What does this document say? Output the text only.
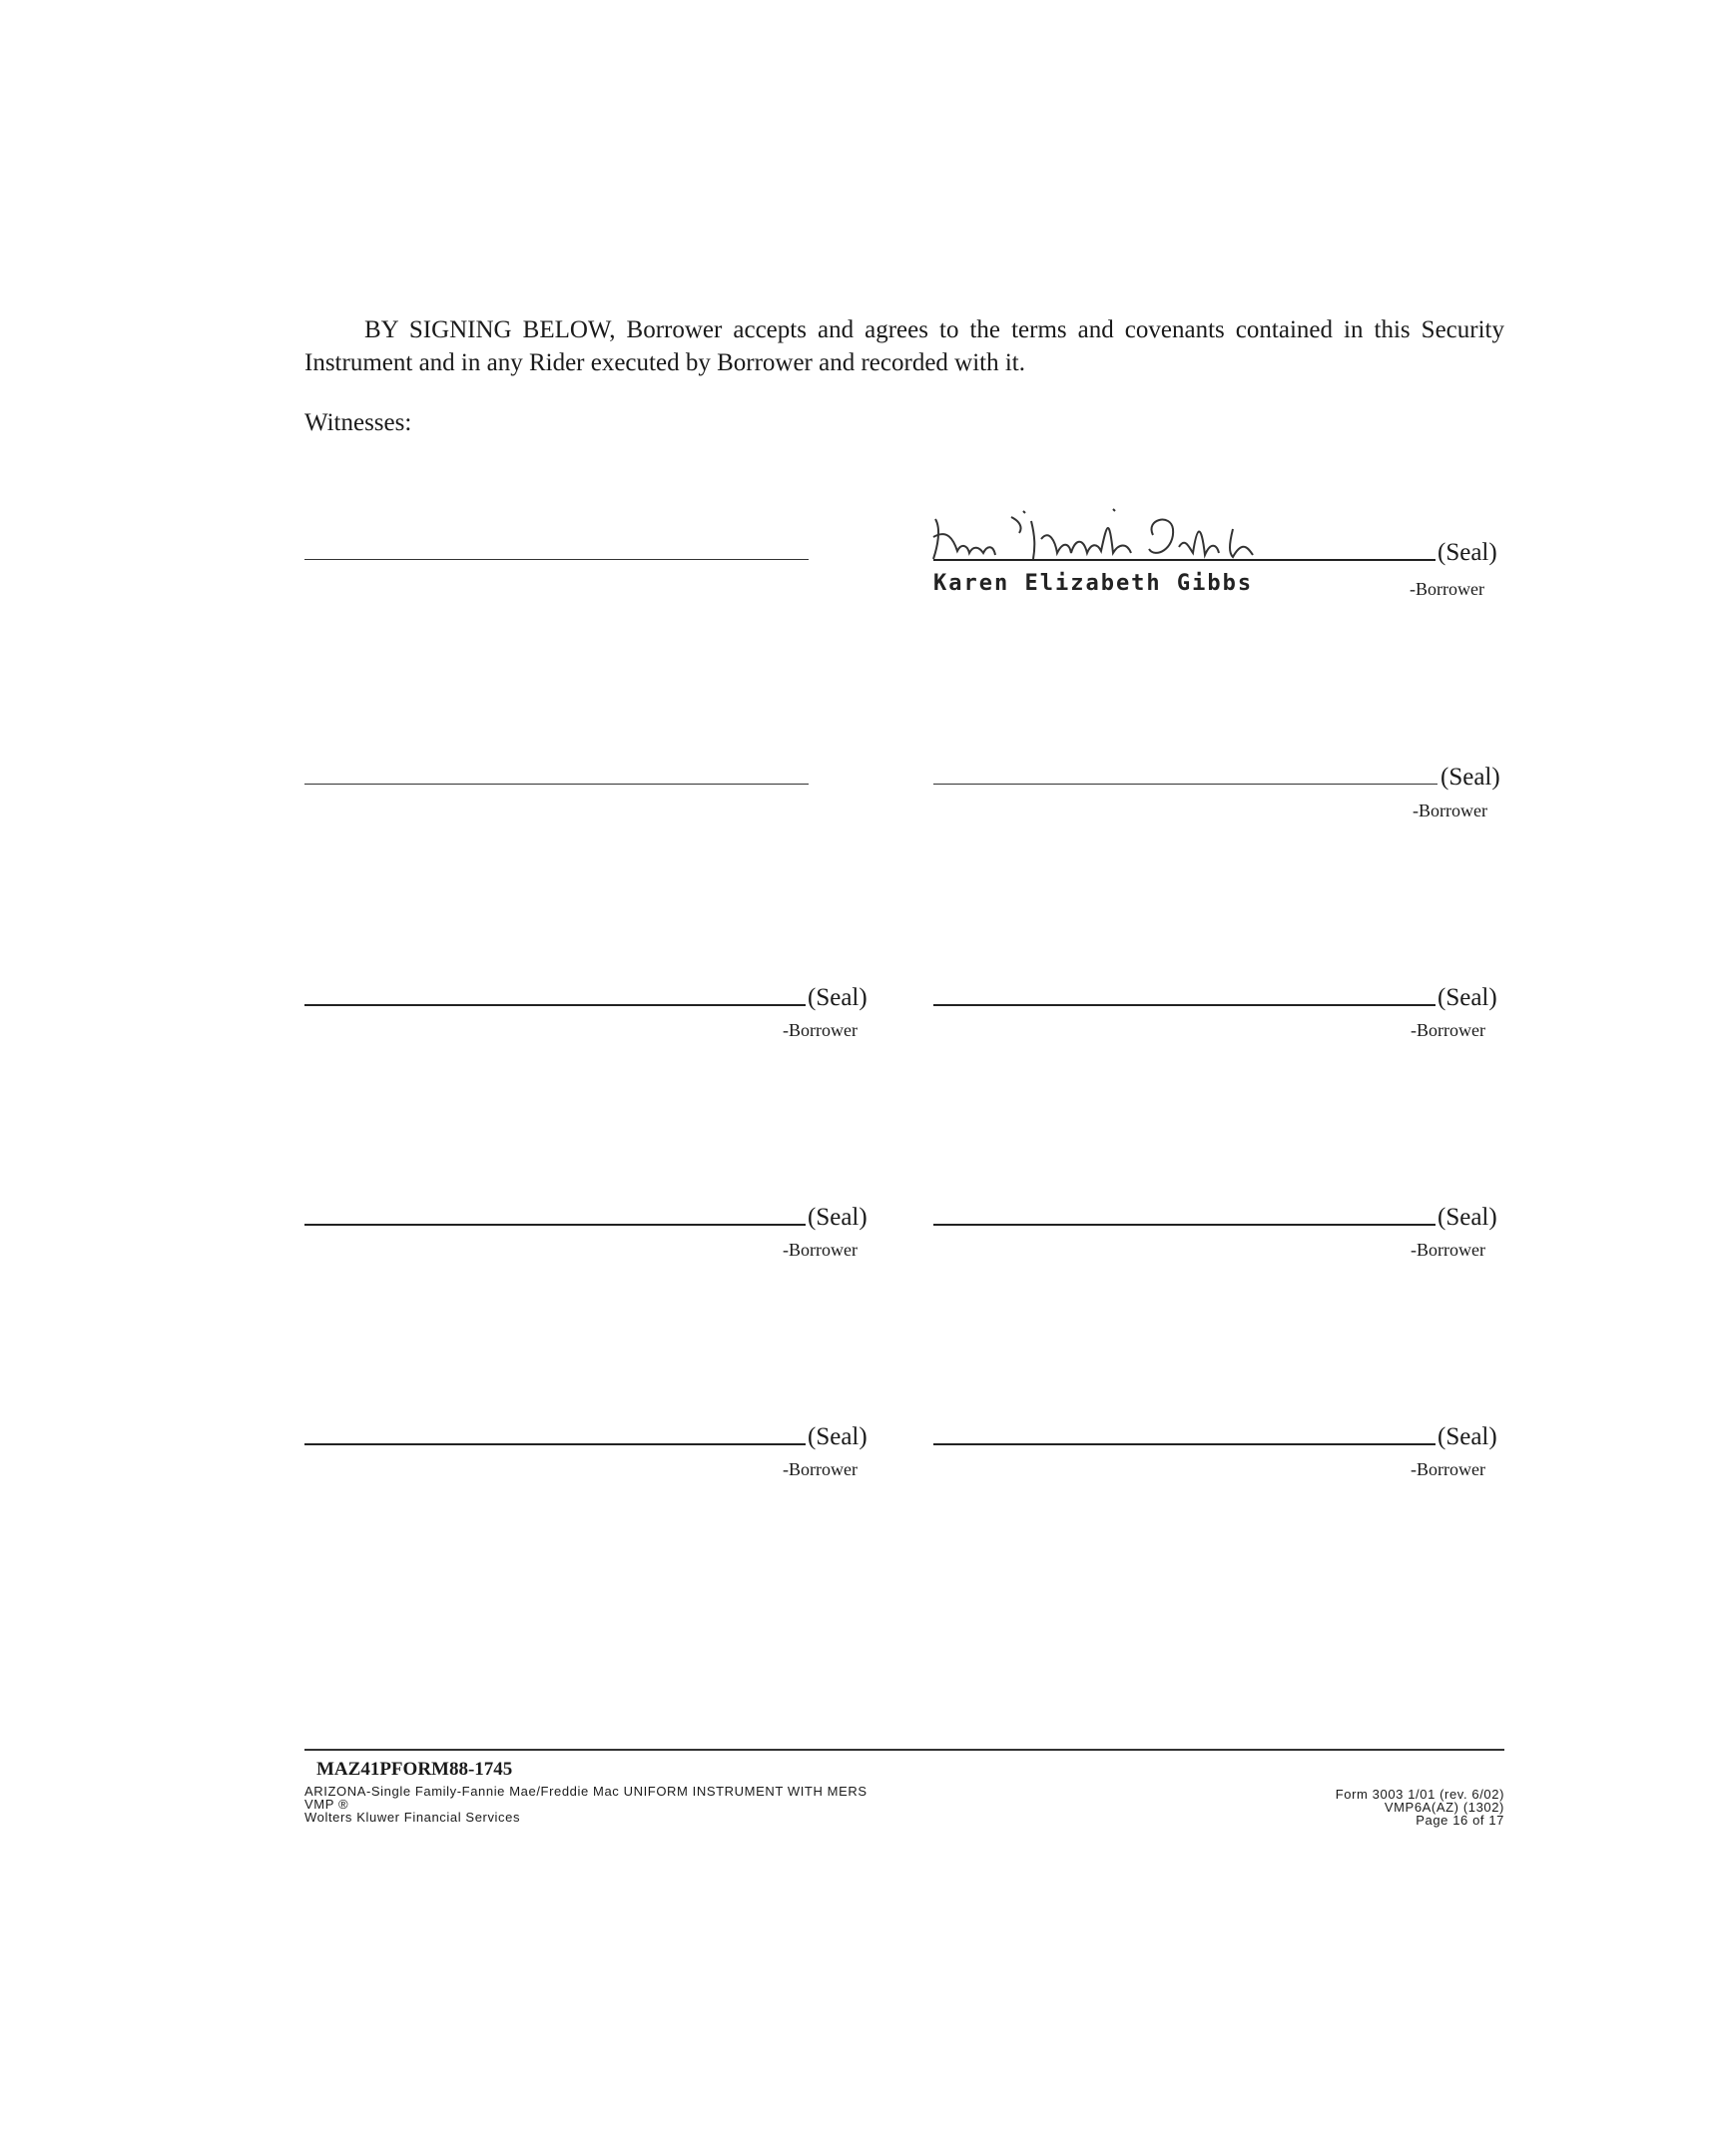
BY SIGNING BELOW, Borrower accepts and agrees to the terms and covenants contained in this Security Instrument and in any Rider executed by Borrower and recorded with it.
Witnesses:
(Seal)
Karen Elizabeth Gibbs	-Borrower
(Seal)
-Borrower
(Seal)
-Borrower
(Seal)
-Borrower
(Seal)
-Borrower
(Seal)
-Borrower
(Seal)
-Borrower
(Seal)
-Borrower
MAZ41PFORM88-1745
ARIZONA-Single Family-Fannie Mae/Freddie Mac UNIFORM INSTRUMENT WITH MERS
VMP ®
Wolters Kluwer Financial Services
Form 3003 1/01 (rev. 6/02)
VMP6A(AZ) (1302)
Page 16 of 17
